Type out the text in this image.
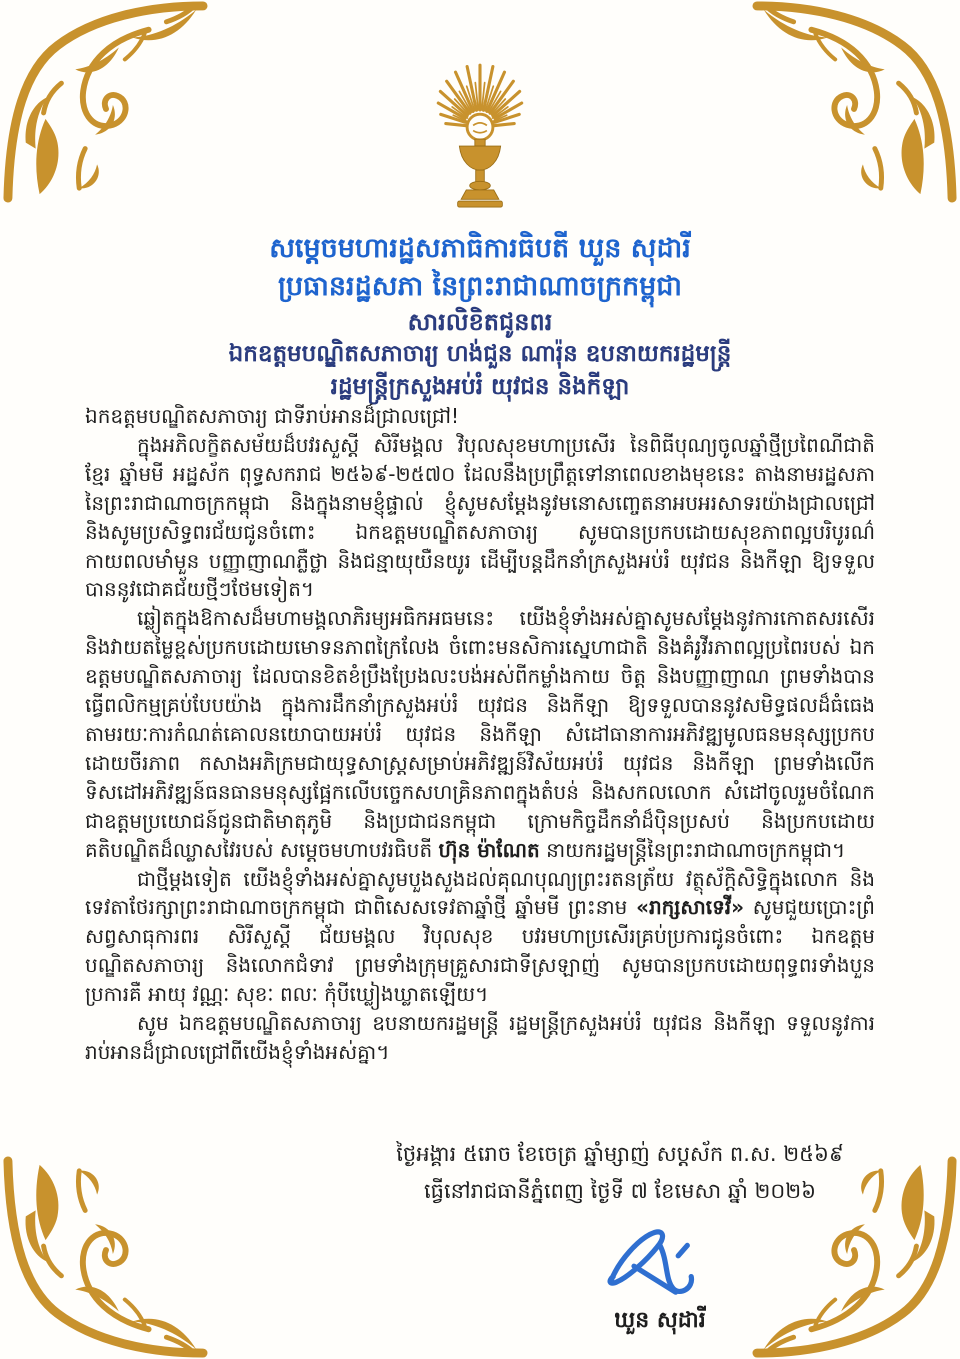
សម្តេចមហារដ្ឋសភាធិការធិបតី ឃួន សុដារី
ប្រធានរដ្ឋសភា នៃព្រះរាជាណាចក្រកម្ពុជា
សារលិខិតជូនពរ
ឯកឧត្តមបណ្ឌិតសភាចារ្យ ហង់ជួន ណារ៉ុន ឧបនាយករដ្ឋមន្ត្រី
រដ្ឋមន្ត្រីក្រសួងអប់រំ យុវជន និងកីឡា

ឯកឧត្តមបណ្ឌិតសភាចារ្យ ជាទីរាប់អានដ៏ជ្រាលជ្រៅ!

ក្នុងអភិលក្ខិតសម័យដ៏បវរសួស្ដី សិរីមង្គល វិបុលសុខមហាប្រសើរ នៃពិធីបុណ្យចូលឆ្នាំថ្មីប្រពៃណីជាតិខ្មែរ ឆ្នាំមមី អដ្ឋស័ក ពុទ្ធសករាជ ២៥៦៩-២៥៧០ ដែលនឹងប្រព្រឹត្តទៅនាពេលខាងមុខនេះ តាងនាមរដ្ឋសភានៃព្រះរាជាណាចក្រកម្ពុជា និងក្នុងនាមខ្ញុំផ្ទាល់ ខ្ញុំសូមសម្ដែងនូវមនោសញ្ចេតនាអបអរសាទរយ៉ាងជ្រាលជ្រៅ និងសូមប្រសិទ្ធពរជ័យជូនចំពោះ ឯកឧត្តមបណ្ឌិតសភាចារ្យ សូមបានប្រកបដោយសុខភាពល្អបរិបូរណ៌ កាយពលមាំមួន បញ្ញាញាណភ្លឺថ្លា និងជន្មាយុយឺនយូរ ដើម្បីបន្តដឹកនាំក្រសួងអប់រំ យុវជន និងកីឡា ឱ្យទទួលបាននូវជោគជ័យថ្មីៗថែមទៀត។

ឆ្លៀតក្នុងឱកាសដ៏មហាមង្គលាភិរម្យអធិកអធមនេះ យើងខ្ញុំទាំងអស់គ្នាសូមសម្ដែងនូវការកោតសរសើរ និងវាយតម្លៃខ្ពស់ប្រកបដោយមោទនភាពក្រៃលែង ចំពោះមនសិការស្នេហាជាតិ និងគំរូវីរភាពល្អប្រពៃរបស់ ឯកឧត្តមបណ្ឌិតសភាចារ្យ ដែលបានខិតខំប្រឹងប្រែងលះបង់អស់ពីកម្លាំងកាយ ចិត្ត និងបញ្ញាញាណ ព្រមទាំងបានធ្វើពលិកម្មគ្រប់បែបយ៉ាង ក្នុងការដឹកនាំក្រសួងអប់រំ យុវជន និងកីឡា ឱ្យទទួលបាននូវសមិទ្ធផលដ៏ធំធេង តាមរយៈការកំណត់គោលនយោបាយអប់រំ យុវជន និងកីឡា សំដៅធានាការអភិវឌ្ឍមូលធនមនុស្សប្រកបដោយចីរភាព កសាងអភិក្រមជាយុទ្ធសាស្ត្រសម្រាប់អភិវឌ្ឍន៍វិស័យអប់រំ យុវជន និងកីឡា ព្រមទាំងលើកទិសដៅអភិវឌ្ឍន៍ធនធានមនុស្សផ្អែកលើបច្ចេកសហគ្រិនភាពក្នុងតំបន់ និងសកលលោក សំដៅចូលរួមចំណែកជាឧត្តមប្រយោជន៍ជូនជាតិមាតុភូមិ និងប្រជាជនកម្ពុជា ក្រោមកិច្ចដឹកនាំដ៏ប៉ិនប្រសប់ និងប្រកបដោយគតិបណ្ឌិតដ៏ឈ្លាសវៃរបស់ សម្តេចមហាបវរធិបតី ហ៊ុន ម៉ាណែត នាយករដ្ឋមន្ត្រីនៃព្រះរាជាណាចក្រកម្ពុជា។

ជាថ្មីម្ដងទៀត យើងខ្ញុំទាំងអស់គ្នាសូមបួងសួងដល់គុណបុណ្យព្រះរតនត្រ័យ វត្ថុស័ក្តិសិទ្ធិក្នុងលោក និងទេវតាថែរក្សាព្រះរាជាណាចក្រកម្ពុជា ជាពិសេសទេវតាឆ្នាំថ្មី ឆ្នាំមមី ព្រះនាម «រាក្សសាទេវី» សូមជួយប្រោះព្រំសព្វសាធុការពរ សិរីសួស្ដី ជ័យមង្គល វិបុលសុខ បវរមហាប្រសើរគ្រប់ប្រការជូនចំពោះ ឯកឧត្តមបណ្ឌិតសភាចារ្យ និងលោកជំទាវ ព្រមទាំងក្រុមគ្រួសារជាទីស្រឡាញ់ សូមបានប្រកបដោយពុទ្ធពរទាំងបួនប្រការគឺ អាយុ វណ្ណៈ សុខៈ ពលៈ កុំបីឃ្លៀងឃ្លាតឡើយ។

សូម ឯកឧត្តមបណ្ឌិតសភាចារ្យ ឧបនាយករដ្ឋមន្ត្រី រដ្ឋមន្ត្រីក្រសួងអប់រំ យុវជន និងកីឡា ទទួលនូវការរាប់អានដ៏ជ្រាលជ្រៅពីយើងខ្ញុំទាំងអស់គ្នា។

ថ្ងៃអង្គារ ៥រោច ខែចេត្រ ឆ្នាំម្សាញ់ សប្តស័ក ព.ស. ២៥៦៩
ធ្វើនៅរាជធានីភ្នំពេញ ថ្ងៃទី ៧ ខែមេសា ឆ្នាំ ២០២៦
ឃួន សុដារី
